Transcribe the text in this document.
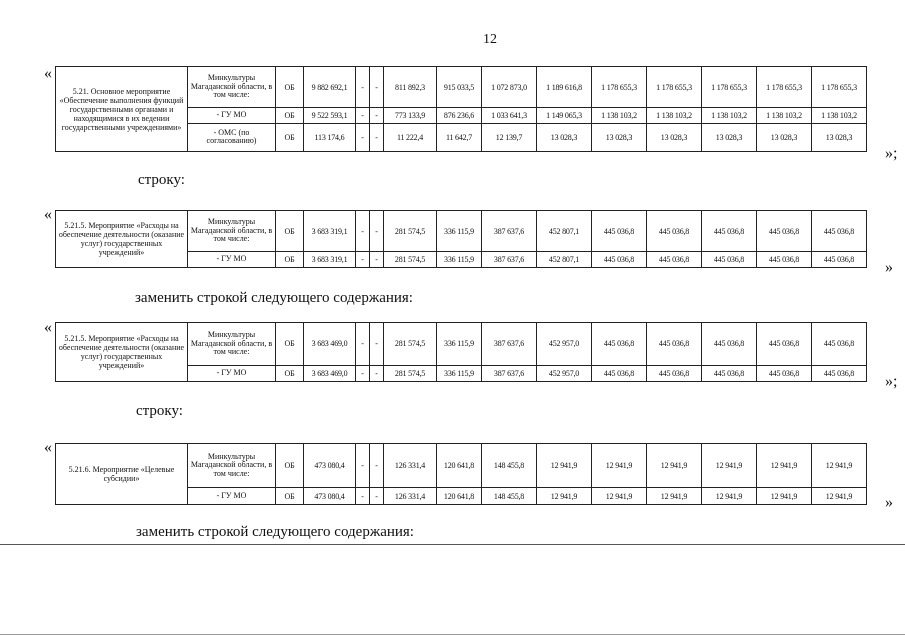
12
«
5.21. Основное мероприятие «Обеспечение выполнения функций государственными органами и находящимися в их ведении государственными учреждениями»	Минкультуры Магаданской области, в том числе:	ОБ	9 882 692,1	-	-	811 892,3	915 033,5	1 072 873,0	1 189 616,8	1 178 655,3	1 178 655,3	1 178 655,3	1 178 655,3	1 178 655,3
	- ГУ МО	ОБ	9 522 593,1	-	-	773 133,9	876 236,6	1 033 641,3	1 149 065,3	1 138 103,2	1 138 103,2	1 138 103,2	1 138 103,2	1 138 103,2
	- ОМС (по согласованию)	ОБ	113 174,6	-	-	11 222,4	11 642,7	12 139,7	13 028,3	13 028,3	13 028,3	13 028,3	13 028,3	13 028,3
»;
строку:
«
5.21.5. Мероприятие «Расходы на обеспечение деятельности (оказание услуг) государственных учреждений»	Минкультуры Магаданской области, в том числе:	ОБ	3 683 319,1	-	-	281 574,5	336 115,9	387 637,6	452 807,1	445 036,8	445 036,8	445 036,8	445 036,8	445 036,8
	- ГУ МО	ОБ	3 683 319,1	-	-	281 574,5	336 115,9	387 637,6	452 807,1	445 036,8	445 036,8	445 036,8	445 036,8	445 036,8 »
заменить строкой следующего содержания:
«
5.21.5. Мероприятие «Расходы на обеспечение деятельности (оказание услуг) государственных учреждений»	Минкультуры Магаданской области, в том числе:	ОБ	3 683 469,0	-	-	281 574,5	336 115,9	387 637,6	452 957,0	445 036,8	445 036,8	445 036,8	445 036,8	445 036,8
	- ГУ МО	ОБ	3 683 469,0	-	-	281 574,5	336 115,9	387 637,6	452 957,0	445 036,8	445 036,8	445 036,8	445 036,8	445 036,8 »;
строку:
«
5.21.6. Мероприятие «Целевые субсидии»	Минкультуры Магаданской области, в том числе:	ОБ	473 080,4	-	-	126 331,4	120 641,8	148 455,8	12 941,9	12 941,9	12 941,9	12 941,9	12 941,9	12 941,9
	- ГУ МО	ОБ	473 080,4	-	-	126 331,4	120 641,8	148 455,8	12 941,9	12 941,9	12 941,9	12 941,9	12 941,9	12 941,9 »
заменить строкой следующего содержания:
